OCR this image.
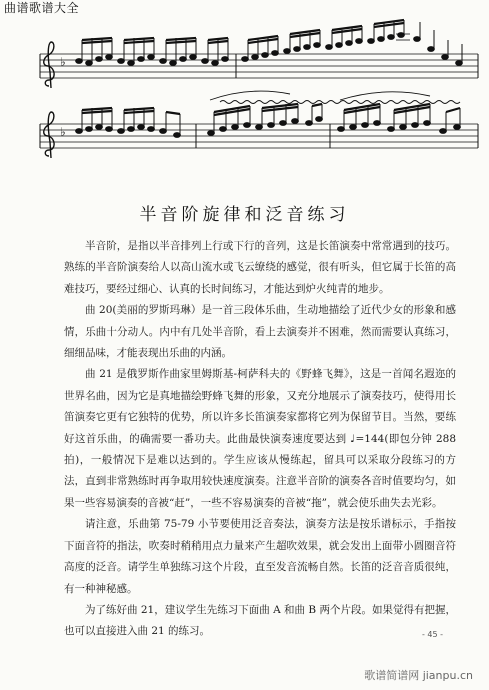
曲谱歌谱大全
♭
♭
半音阶旋律和泛音练习

半音阶，是指以半音排列上行或下行的音列，这是长笛演奏中常常遇到的技巧。熟练的半音阶演奏给人以高山流水或飞云缭绕的感觉，很有听头，但它属于长笛的高难技巧，要经过细心、认真的长时间练习，才能达到炉火纯青的地步。

曲 20(美丽的罗斯玛琳）是一首三段体乐曲，生动地描绘了近代少女的形象和感情，乐曲十分动人。内中有几处半音阶，看上去演奏并不困难，然而需要认真练习，细细品味，才能表现出乐曲的内涵。

曲 21 是俄罗斯作曲家里姆斯基-柯萨科夫的《野蜂飞舞》，这是一首闻名遐迩的世界名曲，因为它是真地描绘野蜂飞舞的形象，又充分地展示了演奏技巧，使得用长笛演奏它更有它独特的优势，所以许多长笛演奏家都将它列为保留节目。当然，要练好这首乐曲，的确需要一番功夫。此曲最快演奏速度要达到 ♩=144(即包分钟 288 拍)，一般情况下是难以达到的。学生应该从慢练起，留具可以采取分段练习的方法，直到非常熟练时再争取用较快速度演奏。注意半音阶的演奏各音时值要均匀，如果一些容易演奏的音被“赶”，一些不容易演奏的音被“拖”，就会使乐曲失去光彩。

请注意，乐曲第 75-79 小节要使用泛音奏法，演奏方法是按乐谱标示，手指按下面音符的指法，吹奏时稍稍用点力量来产生超吹效果，就会发出上面带小圆圈音符高度的泛音。请学生单独练习这个片段，直至发音流畅自然。长笛的泛音音质很纯，有一种神秘感。

为了练好曲 21，建议学生先练习下面曲 A 和曲 B 两个片段。如果觉得有把握，也可以直接进入曲 21 的练习。	- 45 -
歌谱简谱网 jianpu.cn
